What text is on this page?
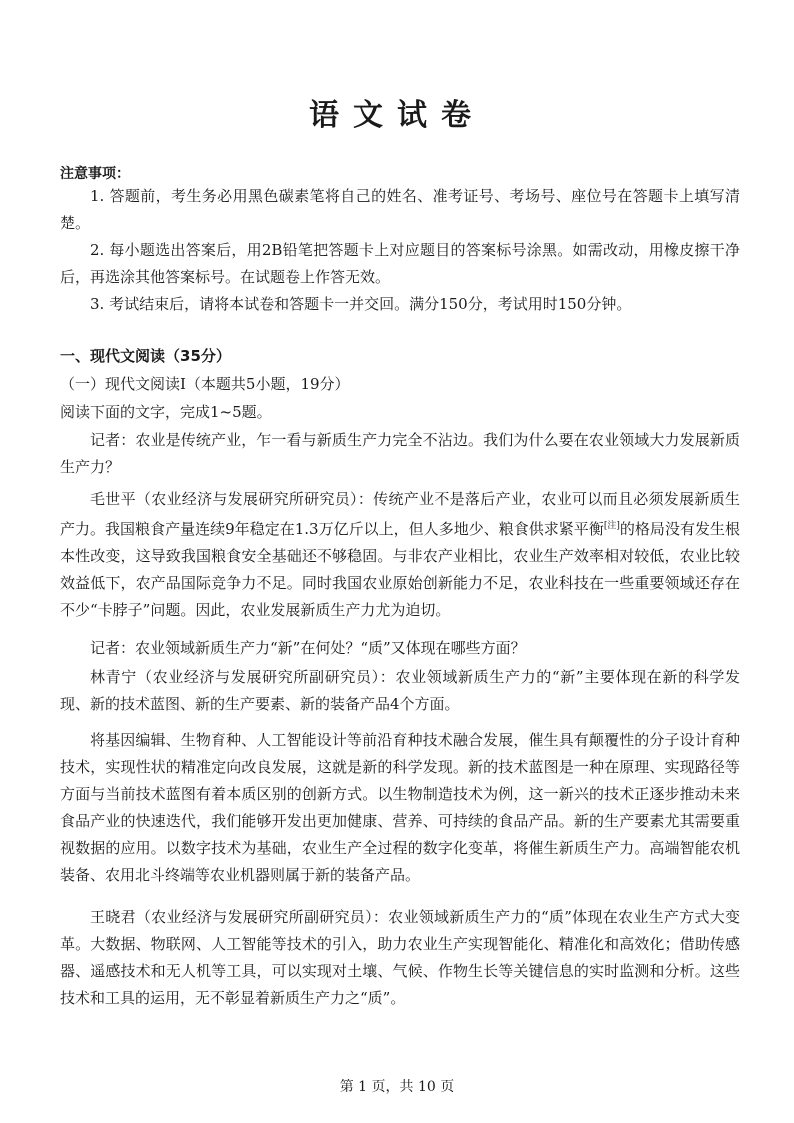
语文试卷
注意事项：

1. 答题前，考生务必用黑色碳素笔将自己的姓名、准考证号、考场号、座位号在答题卡上填写清楚。

2. 每小题选出答案后，用2B铅笔把答题卡上对应题目的答案标号涂黑。如需改动，用橡皮擦干净后，再选涂其他答案标号。在试题卷上作答无效。

3. 考试结束后，请将本试卷和答题卡一并交回。满分150分，考试用时150分钟。

一、现代文阅读（35分）
（一）现代文阅读Ⅰ（本题共5小题，19分）
阅读下面的文字，完成1~5题。

记者：农业是传统产业，乍一看与新质生产力完全不沾边。我们为什么要在农业领域大力发展新质生产力？

毛世平（农业经济与发展研究所研究员）：传统产业不是落后产业，农业可以而且必须发展新质生产力。我国粮食产量连续9年稳定在1.3万亿斤以上，但人多地少、粮食供求紧平衡[注]的格局没有发生根本性改变，这导致我国粮食安全基础还不够稳固。与非农产业相比，农业生产效率相对较低，农业比较效益低下，农产品国际竞争力不足。同时我国农业原始创新能力不足，农业科技在一些重要领域还存在不少“卡脖子”问题。因此，农业发展新质生产力尤为迫切。

记者：农业领域新质生产力“新”在何处？“质”又体现在哪些方面？

林青宁（农业经济与发展研究所副研究员）：农业领域新质生产力的“新”主要体现在新的科学发现、新的技术蓝图、新的生产要素、新的装备产品4个方面。

将基因编辑、生物育种、人工智能设计等前沿育种技术融合发展，催生具有颠覆性的分子设计育种技术，实现性状的精准定向改良发展，这就是新的科学发现。新的技术蓝图是一种在原理、实现路径等方面与当前技术蓝图有着本质区别的创新方式。以生物制造技术为例，这一新兴的技术正逐步推动未来食品产业的快速迭代，我们能够开发出更加健康、营养、可持续的食品产品。新的生产要素尤其需要重视数据的应用。以数字技术为基础，农业生产全过程的数字化变革，将催生新质生产力。高端智能农机装备、农用北斗终端等农业机器则属于新的装备产品。

王晓君（农业经济与发展研究所副研究员）：农业领域新质生产力的“质”体现在农业生产方式大变革。大数据、物联网、人工智能等技术的引入，助力农业生产实现智能化、精准化和高效化；借助传感器、遥感技术和无人机等工具，可以实现对土壤、气候、作物生长等关键信息的实时监测和分析。这些技术和工具的运用，无不彰显着新质生产力之“质”。

第 1 页，共 10 页
